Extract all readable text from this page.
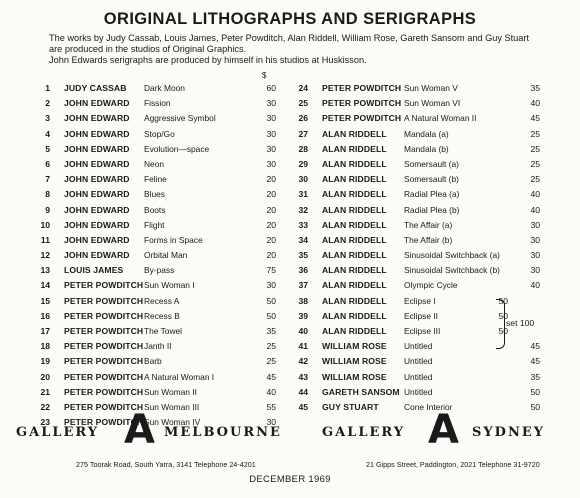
ORIGINAL LITHOGRAPHS AND SERIGRAPHS
The works by Judy Cassab, Louis James, Peter Powditch, Alan Riddell, William Rose, Gareth Sansom and Guy Stuart
are produced in the studios of Original Graphics.
John Edwards serigraphs are produced by himself in his studios at Huskisson.
$
1 JUDY CASSAB Dark Moon	60
2 JOHN EDWARD Fission	30
3 JOHN EDWARD Aggressive Symbol	30
4 JOHN EDWARD Stop/Go	30
5 JOHN EDWARD Evolution—space	30
6 JOHN EDWARD Neon	30
7 JOHN EDWARD Feline	20
8 JOHN EDWARD Blues	20
9 JOHN EDWARD Boots	20
10 JOHN EDWARD Flight	20
11 JOHN EDWARD Forms in Space	20
12 JOHN EDWARD Orbital Man	20
13 LOUIS JAMES By-pass	75
14 PETER POWDITCH Sun Woman I	30
15 PETER POWDITCH Recess A	50
16 PETER POWDITCH Recess B	50
17 PETER POWDITCH The Towel	35
18 PETER POWDITCH Janth II	25
19 PETER POWDITCH Barb	25
20 PETER POWDITCH A Natural Woman I	45
21 PETER POWDITCH Sun Woman II	40
22 PETER POWDITCH Sun Woman III	55
23 PETER POWDITCH Sun Woman IV	30
24 PETER POWDITCH Sun Woman V	35
25 PETER POWDITCH Sun Woman VI	40
26 PETER POWDITCH A Natural Woman II	45
27 ALAN RIDDELL Mandala (a)	25
28 ALAN RIDDELL Mandala (b)	25
29 ALAN RIDDELL Somersault (a)	25
30 ALAN RIDDELL Somersault (b)	25
31 ALAN RIDDELL Radial Plea (a)	40
32 ALAN RIDDELL Radial Plea (b)	40
33 ALAN RIDDELL The Affair (a)	30
34 ALAN RIDDELL The Affair (b)	30
35 ALAN RIDDELL Sinusoidal Switchback (a)	30
36 ALAN RIDDELL Sinusoidal Switchback (b)	30
37 ALAN RIDDELL Olympic Cycle	40
38 ALAN RIDDELL Eclipse I	50
39 ALAN RIDDELL Eclipse II	50
40 ALAN RIDDELL Eclipse III	50
41 WILLIAM ROSE Untitled	45
42 WILLIAM ROSE Untitled	45
43 WILLIAM ROSE Untitled	35
44 GARETH SANSOM Untitled	50
45 GUY STUART	Cone Interior	50
set 100
GALLERY A MELBOURNE	GALLERY A SYDNEY
275 Toorak Road, South Yarra, 3141 Telephone 24-4201	21 Gipps Street, Paddington, 2021 Telephone 31-9720
DECEMBER 1969
